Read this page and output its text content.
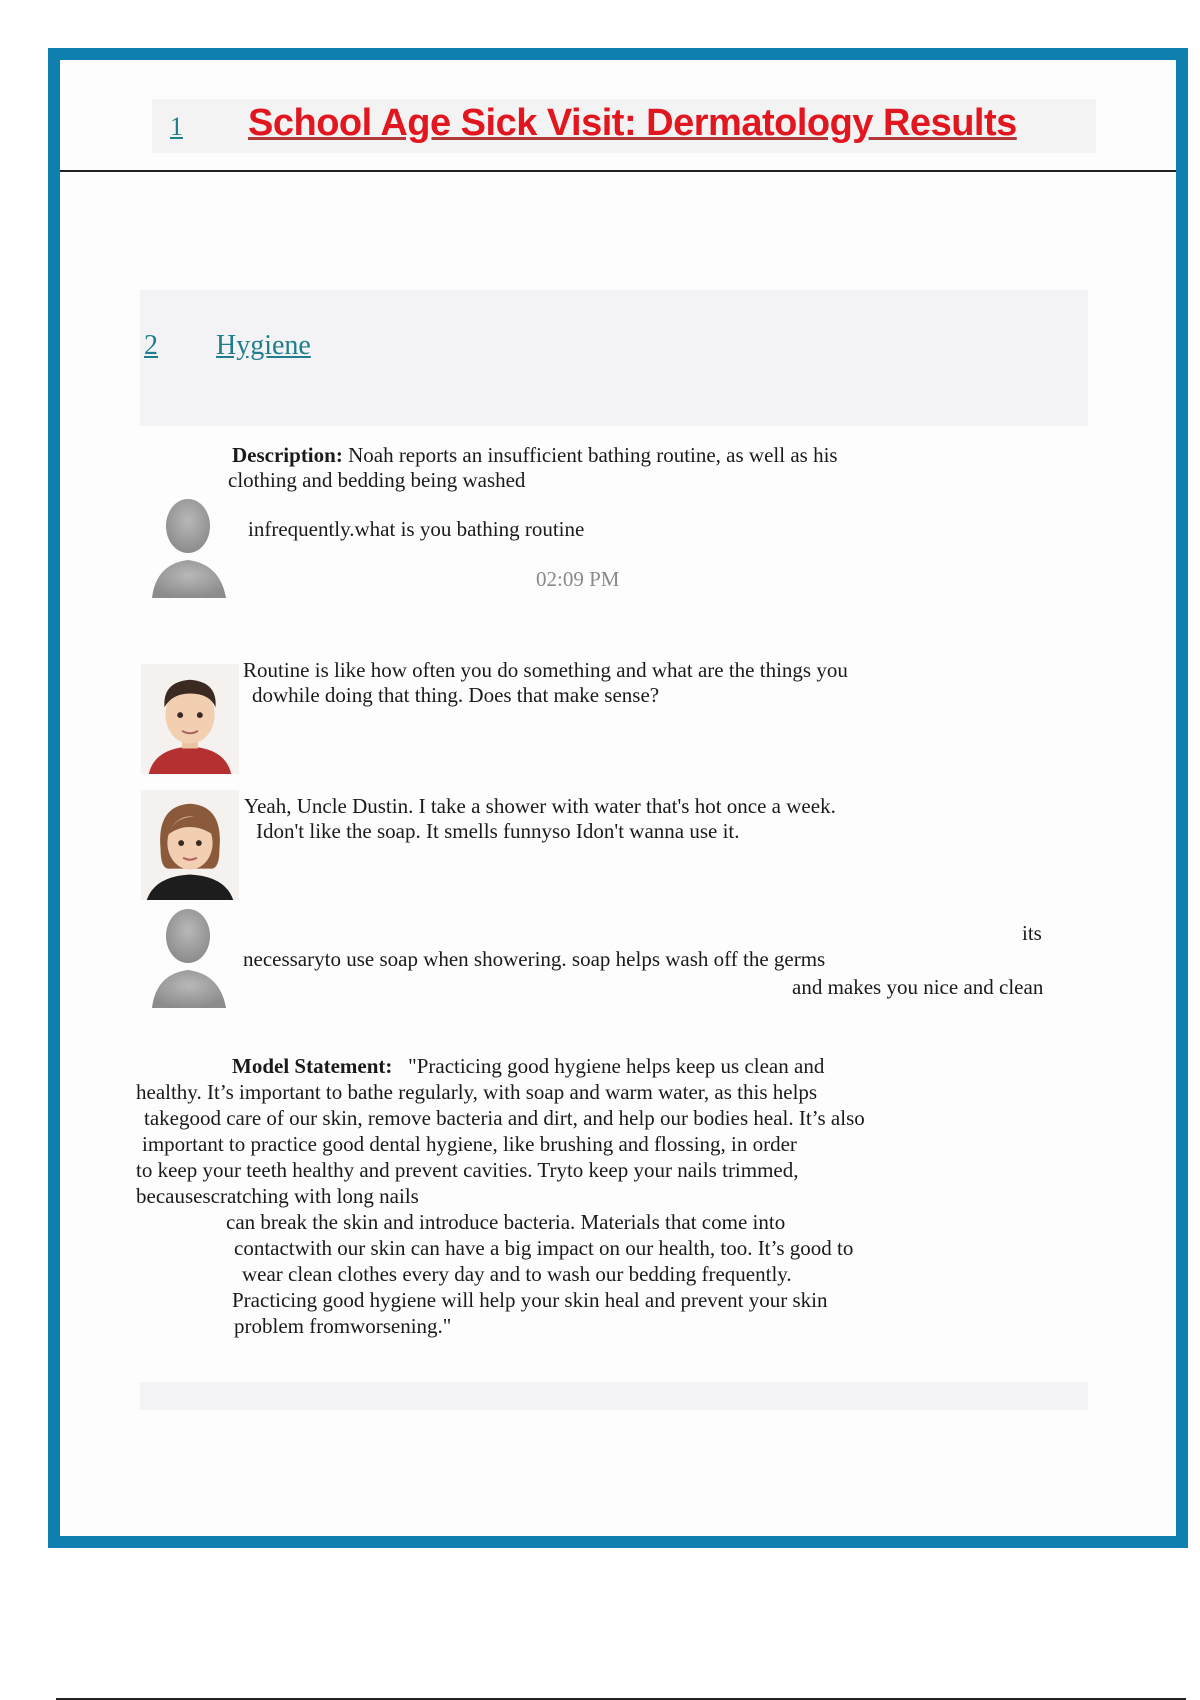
1 School Age Sick Visit: Dermatology Results
2 Hygiene
Description: Noah reports an insufficient bathing routine, as well as his
clothing and bedding being washed
infrequently.what is you bathing routine
02:09 PM
Routine is like how often you do something and what are the things you
dowhile doing that thing. Does that make sense?
Yeah, Uncle Dustin. I take a shower with water that's hot once a week.
Idon't like the soap. It smells funnyso Idon't wanna use it.
its
necessaryto use soap when showering. soap helps wash off the germs
and makes you nice and clean
Model Statement: "Practicing good hygiene helps keep us clean and
healthy. It’s important to bathe regularly, with soap and warm water, as this helps
takegood care of our skin, remove bacteria and dirt, and help our bodies heal. It’s also
important to practice good dental hygiene, like brushing and flossing, in order
to keep your teeth healthy and prevent cavities. Tryto keep your nails trimmed,
becausescratching with long nails
can break the skin and introduce bacteria. Materials that come into
contactwith our skin can have a big impact on our health, too. It’s good to
wear clean clothes every day and to wash our bedding frequently.
Practicing good hygiene will help your skin heal and prevent your skin
problem fromworsening."
